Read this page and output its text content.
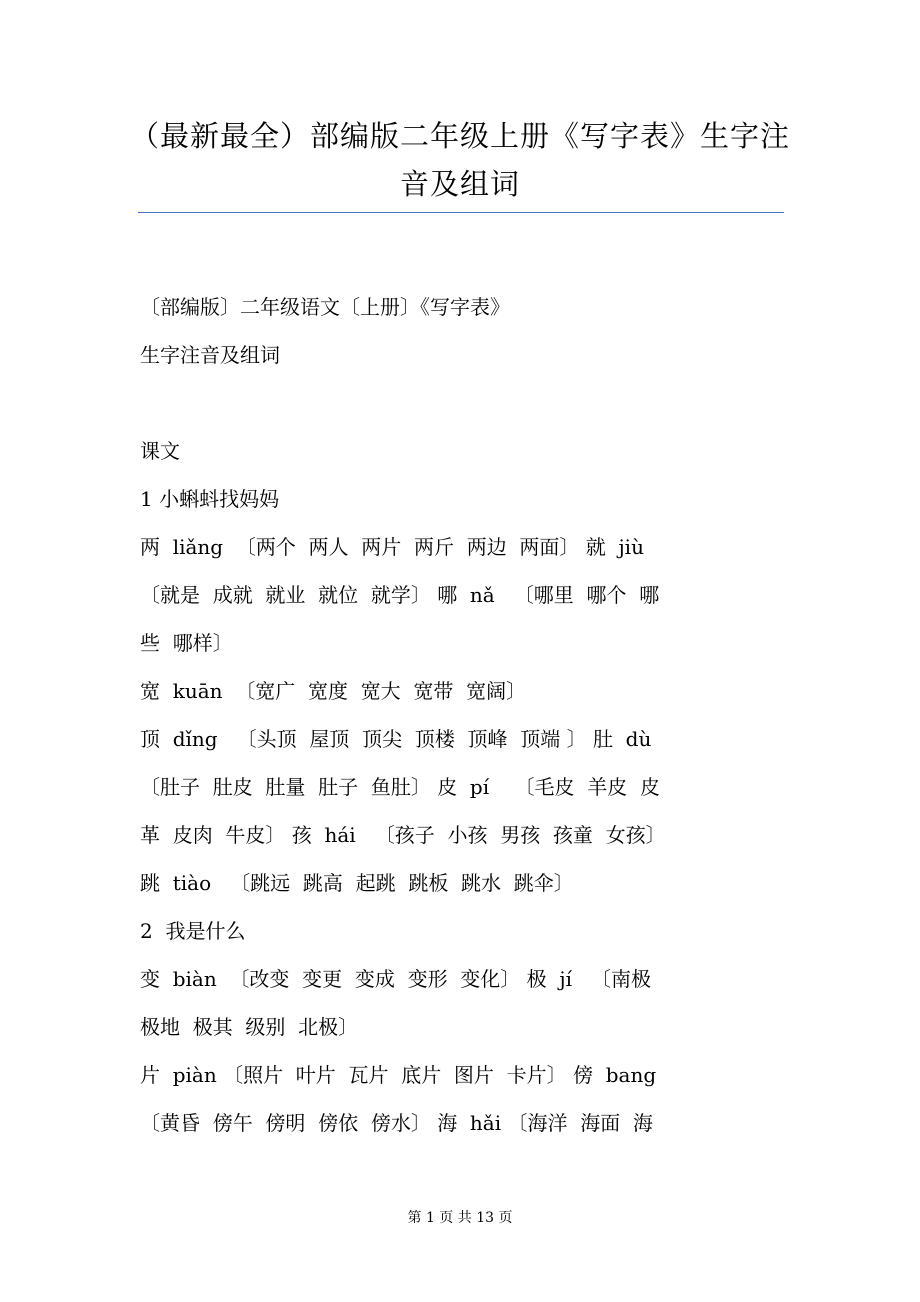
（最新最全）部编版二年级上册《写字表》生字注
音及组词
〔部编版〕二年级语文〔上册〕《写字表》
生字注音及组词
课文
1 小蝌蚪找妈妈
两  liǎng  〔两个  两人  两片  两斤  两边  两面〕 就  jiù
〔就是  成就  就业  就位  就学〕 哪  nǎ   〔哪里  哪个  哪
些  哪样〕
宽  kuān  〔宽广  宽度  宽大  宽带  宽阔〕
顶  dǐng   〔头顶  屋顶  顶尖  顶楼  顶峰  顶端 〕 肚  dù
〔肚子  肚皮  肚量  肚子  鱼肚〕 皮  pí    〔毛皮  羊皮  皮
革  皮肉  牛皮〕 孩  hái   〔孩子  小孩  男孩  孩童  女孩〕
跳  tiào   〔跳远  跳高  起跳  跳板  跳水  跳伞〕
2  我是什么
变  biàn  〔改变  变更  变成  变形  变化〕 极  jí   〔南极
极地  极其  级别  北极〕
片  piàn 〔照片  叶片  瓦片  底片  图片  卡片〕 傍  bang
〔黄昏  傍午  傍明  傍依  傍水〕 海  hǎi 〔海洋  海面  海
第 1 页 共 13 页
